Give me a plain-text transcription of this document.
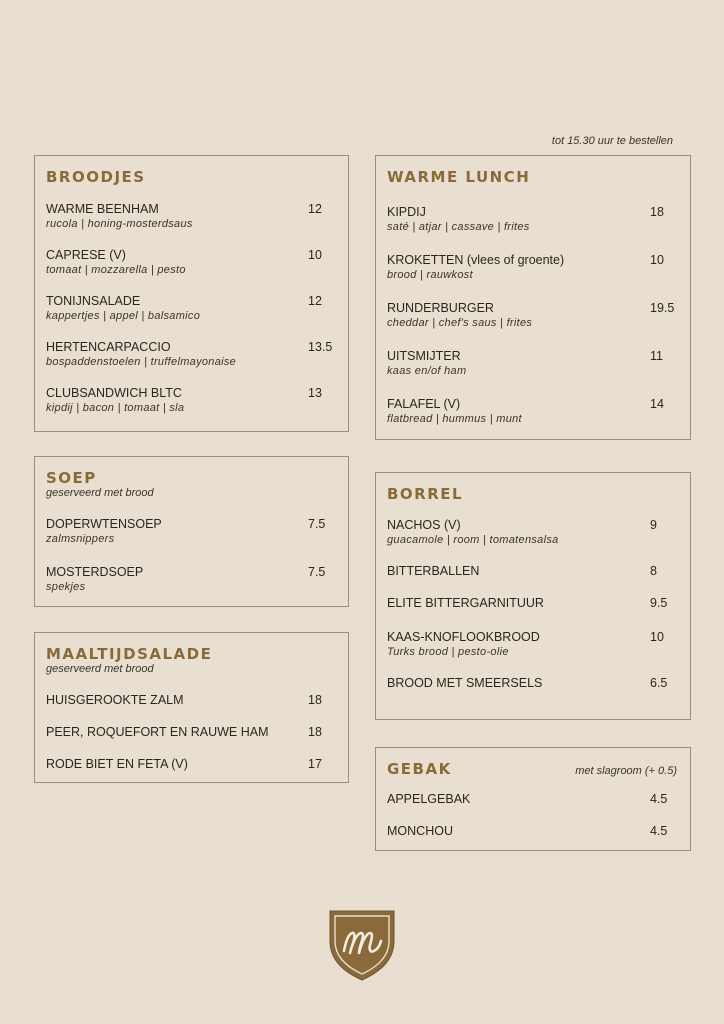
tot 15.30 uur te bestellen
BROODJES
WARME BEENHAM
rucola | honing-mosterdsaus
12
CAPRESE (V)
tomaat | mozzarella | pesto
10
TONIJNSALADE
kappertjes | appel | balsamico
12
HERTENCARPACCIO
bospaddenstoelen | truffelmayonaise
13.5
CLUBSANDWICH BLTC
kipdij | bacon | tomaat | sla
13
SOEP
geserveerd met brood
DOPERWTENSOEP
zalmsnippers
7.5
MOSTERDSOEP
spekjes
7.5
MAALTIJDSALADE
geserveerd met brood
HUISGEROOKTE ZALM	18
PEER, ROQUEFORT EN RAUWE HAM	18
RODE BIET EN FETA (V)	17
WARME LUNCH
KIPDIJ
saté | atjar | cassave | frites
18
KROKETTEN (vlees of groente)
brood | rauwkost
10
RUNDERBURGER
cheddar | chef's saus | frites
19.5
UITSMIJTER
kaas en/of ham
11
FALAFEL (V)
flatbread | hummus | munt
14
BORREL
NACHOS (V)
guacamole | room | tomatensalsa
9
BITTERBALLEN	8
ELITE BITTERGARNITUUR	9.5
KAAS-KNOFLOOKBROOD
Turks brood | pesto-olie
10
BROOD MET SMEERSELS	6.5
GEBAK	met slagroom (+ 0.5)
APPELGEBAK	4.5
MONCHOU	4.5
